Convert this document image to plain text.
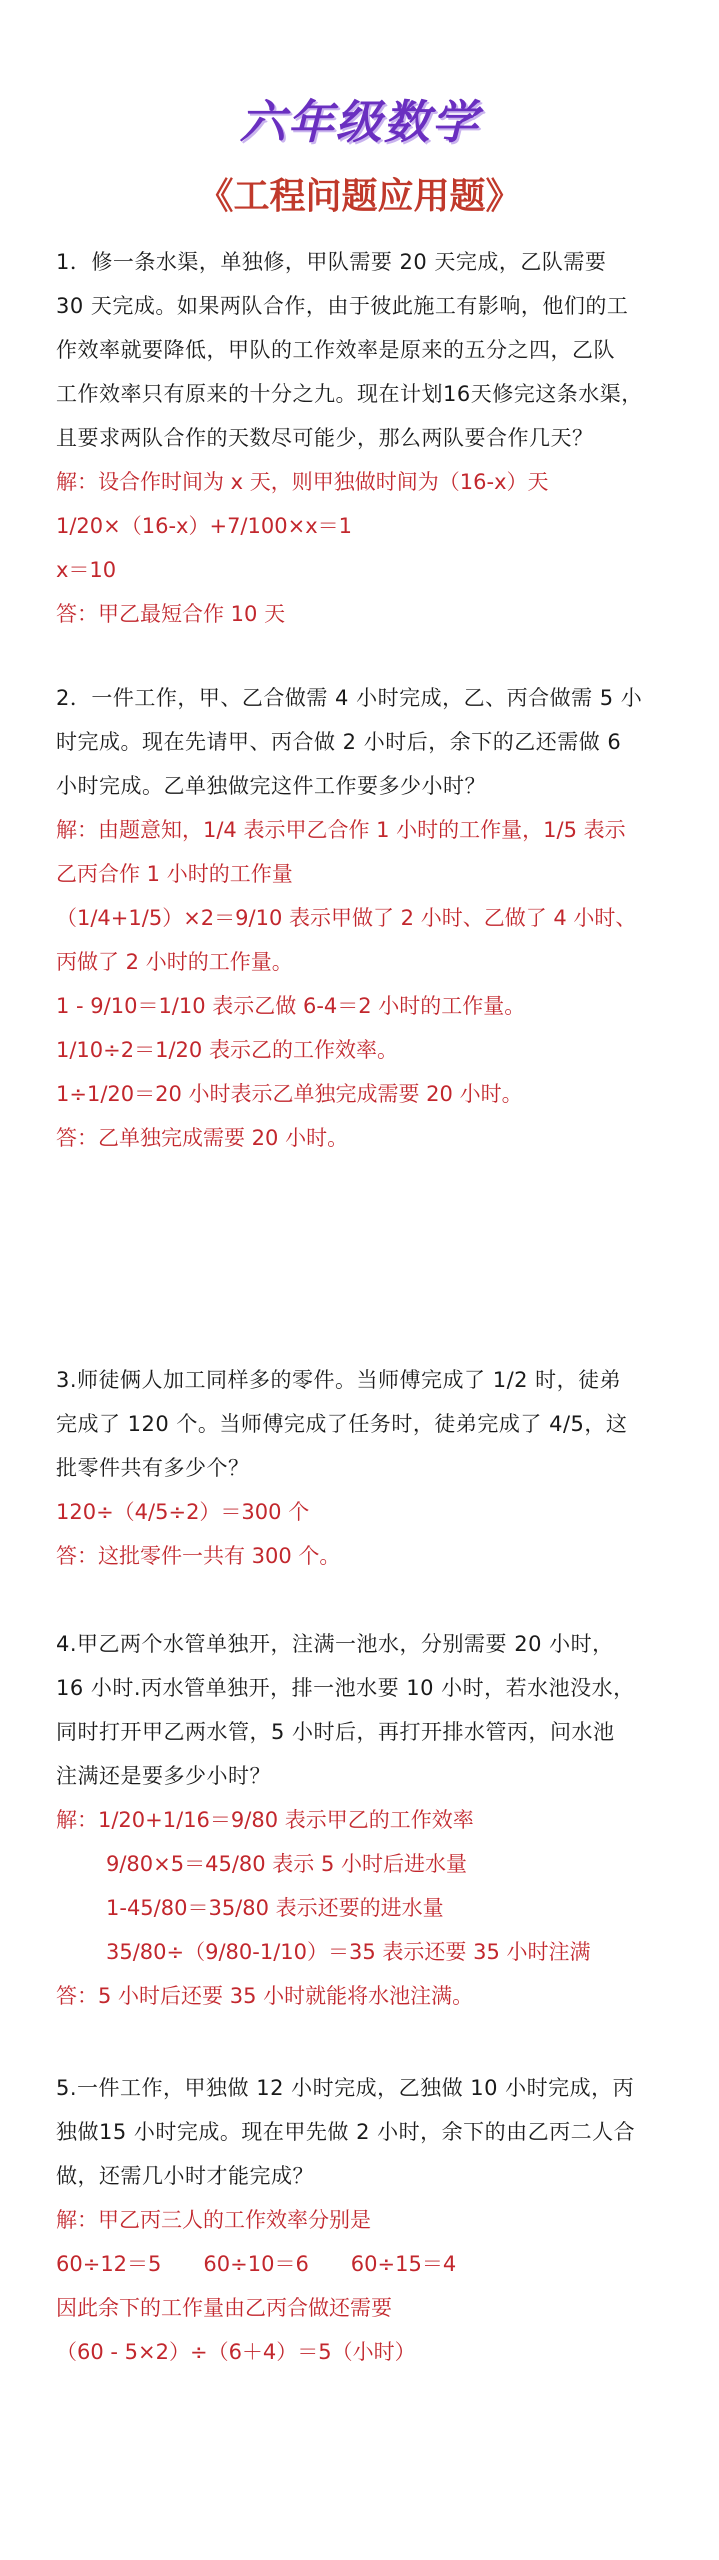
六年级数学
《工程问题应用题》
1．修一条水渠，单独修，甲队需要 20 天完成，乙队需要
30 天完成。如果两队合作，由于彼此施工有影响，他们的工
作效率就要降低，甲队的工作效率是原来的五分之四，乙队
工作效率只有原来的十分之九。现在计划16天修完这条水渠，
且要求两队合作的天数尽可能少，那么两队要合作几天？
解：设合作时间为 x 天，则甲独做时间为（16-x）天
1/20×（16-x）+7/100×x＝1
x＝10
答：甲乙最短合作 10 天
2．一件工作，甲、乙合做需 4 小时完成，乙、丙合做需 5 小
时完成。现在先请甲、丙合做 2 小时后，余下的乙还需做 6
小时完成。乙单独做完这件工作要多少小时？
解：由题意知，1/4 表示甲乙合作 1 小时的工作量，1/5 表示
乙丙合作 1 小时的工作量
（1/4+1/5）×2＝9/10 表示甲做了 2 小时、乙做了 4 小时、
丙做了 2 小时的工作量。
1 - 9/10＝1/10 表示乙做 6-4＝2 小时的工作量。
1/10÷2＝1/20 表示乙的工作效率。
1÷1/20＝20 小时表示乙单独完成需要 20 小时。
答：乙单独完成需要 20 小时。
3.师徒俩人加工同样多的零件。当师傅完成了 1/2 时，徒弟
完成了 120 个。当师傅完成了任务时，徒弟完成了 4/5，这
批零件共有多少个？
120÷（4/5÷2）＝300 个
答：这批零件一共有 300 个。
4.甲乙两个水管单独开，注满一池水，分别需要 20 小时，
16 小时.丙水管单独开，排一池水要 10 小时，若水池没水，
同时打开甲乙两水管，5 小时后，再打开排水管丙，问水池
注满还是要多少小时？
解：1/20+1/16＝9/80 表示甲乙的工作效率
9/80×5＝45/80 表示 5 小时后进水量
1-45/80＝35/80 表示还要的进水量
35/80÷（9/80-1/10）＝35 表示还要 35 小时注满
答：5 小时后还要 35 小时就能将水池注满。
5.一件工作，甲独做 12 小时完成，乙独做 10 小时完成，丙
独做15 小时完成。现在甲先做 2 小时，余下的由乙丙二人合
做，还需几小时才能完成？
解：甲乙丙三人的工作效率分别是
60÷12＝5　　60÷10＝6　　60÷15＝4
因此余下的工作量由乙丙合做还需要
（60 - 5×2）÷（6＋4）＝5（小时）
